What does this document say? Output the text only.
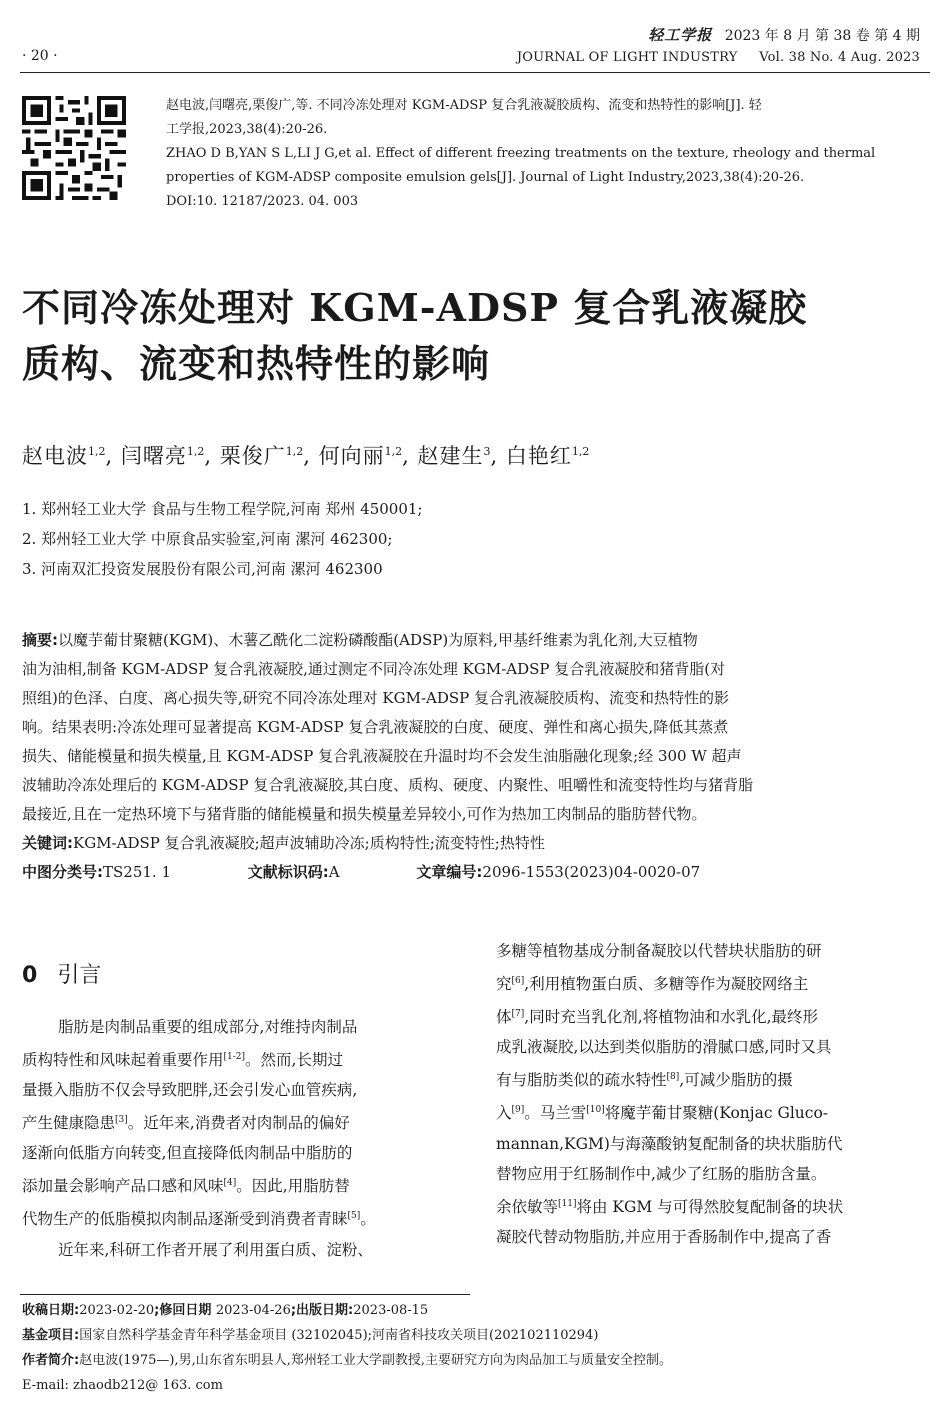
· 20 ·
轻工学报 2023 年 8 月 第 38 卷 第 4 期
JOURNAL OF LIGHT INDUSTRY Vol. 38 No. 4 Aug. 2023
赵电波,闫曙亮,栗俊广,等. 不同冷冻处理对 KGM-ADSP 复合乳液凝胶质构、流变和热特性的影响[J]. 轻
工学报,2023,38(4):20-26.
ZHAO D B,YAN S L,LI J G,et al. Effect of different freezing treatments on the texture, rheology and thermal
properties of KGM-ADSP composite emulsion gels[J]. Journal of Light Industry,2023,38(4):20-26.
DOI:10. 12187/2023. 04. 003
不同冷冻处理对 KGM-ADSP 复合乳液凝胶
质构、流变和热特性的影响
赵电波$^{1,2}$, 闫曙亮$^{1,2}$, 栗俊广$^{1,2}$, 何向丽$^{1,2}$, 赵建生$^3$, 白艳红$^{1,2}$
1. 郑州轻工业大学 食品与生物工程学院,河南 郑州 450001;
2. 郑州轻工业大学 中原食品实验室,河南 漯河 462300;
3. 河南双汇投资发展股份有限公司,河南 漯河 462300
摘要:以魔芋葡甘聚糖(KGM)、木薯乙酰化二淀粉磷酸酯(ADSP)为原料,甲基纤维素为乳化剂,大豆植物
油为油相,制备 KGM-ADSP 复合乳液凝胶,通过测定不同冷冻处理 KGM-ADSP 复合乳液凝胶和猪背脂(对
照组)的色泽、白度、离心损失等,研究不同冷冻处理对 KGM-ADSP 复合乳液凝胶质构、流变和热特性的影
响。结果表明:冷冻处理可显著提高 KGM-ADSP 复合乳液凝胶的白度、硬度、弹性和离心损失,降低其蒸煮
损失、储能模量和损失模量,且 KGM-ADSP 复合乳液凝胶在升温时均不会发生油脂融化现象;经 300 W 超声
波辅助冷冻处理后的 KGM-ADSP 复合乳液凝胶,其白度、质构、硬度、内聚性、咀嚼性和流变特性均与猪背脂
最接近,且在一定热环境下与猪背脂的储能模量和损失模量差异较小,可作为热加工肉制品的脂肪替代物。
关键词:KGM-ADSP 复合乳液凝胶;超声波辅助冷冻;质构特性;流变特性;热特性
中图分类号:TS251. 1	文献标识码:A	文章编号:2096-1553(2023)04-0020-07
0 引言
脂肪是肉制品重要的组成部分,对维持肉制品
质构特性和风味起着重要作用[1-2]。然而,长期过
量摄入脂肪不仅会导致肥胖,还会引发心血管疾病,
产生健康隐患[3]。近年来,消费者对肉制品的偏好
逐渐向低脂方向转变,但直接降低肉制品中脂肪的
添加量会影响产品口感和风味[4]。因此,用脂肪替
代物生产的低脂模拟肉制品逐渐受到消费者青睐[5]。
近年来,科研工作者开展了利用蛋白质、淀粉、
多糖等植物基成分制备凝胶以代替块状脂肪的研
究[6],利用植物蛋白质、多糖等作为凝胶网络主
体[7],同时充当乳化剂,将植物油和水乳化,最终形
成乳液凝胶,以达到类似脂肪的滑腻口感,同时又具
有与脂肪类似的疏水特性[8],可减少脂肪的摄
入[9]。马兰雪[10]将魔芋葡甘聚糖(Konjac Gluco-
mannan,KGM)与海藻酸钠复配制备的块状脂肪代
替物应用于红肠制作中,减少了红肠的脂肪含量。
余依敏等[11]将由 KGM 与可得然胶复配制备的块状
凝胶代替动物脂肪,并应用于香肠制作中,提高了香
收稿日期:2023-02-20;修回日期 2023-04-26;出版日期:2023-08-15
基金项目:国家自然科学基金青年科学基金项目 (32102045);河南省科技攻关项目(202102110294)
作者简介:赵电波(1975—),男,山东省东明县人,郑州轻工业大学副教授,主要研究方向为肉品加工与质量安全控制。
E-mail: zhaodb212@ 163. com
